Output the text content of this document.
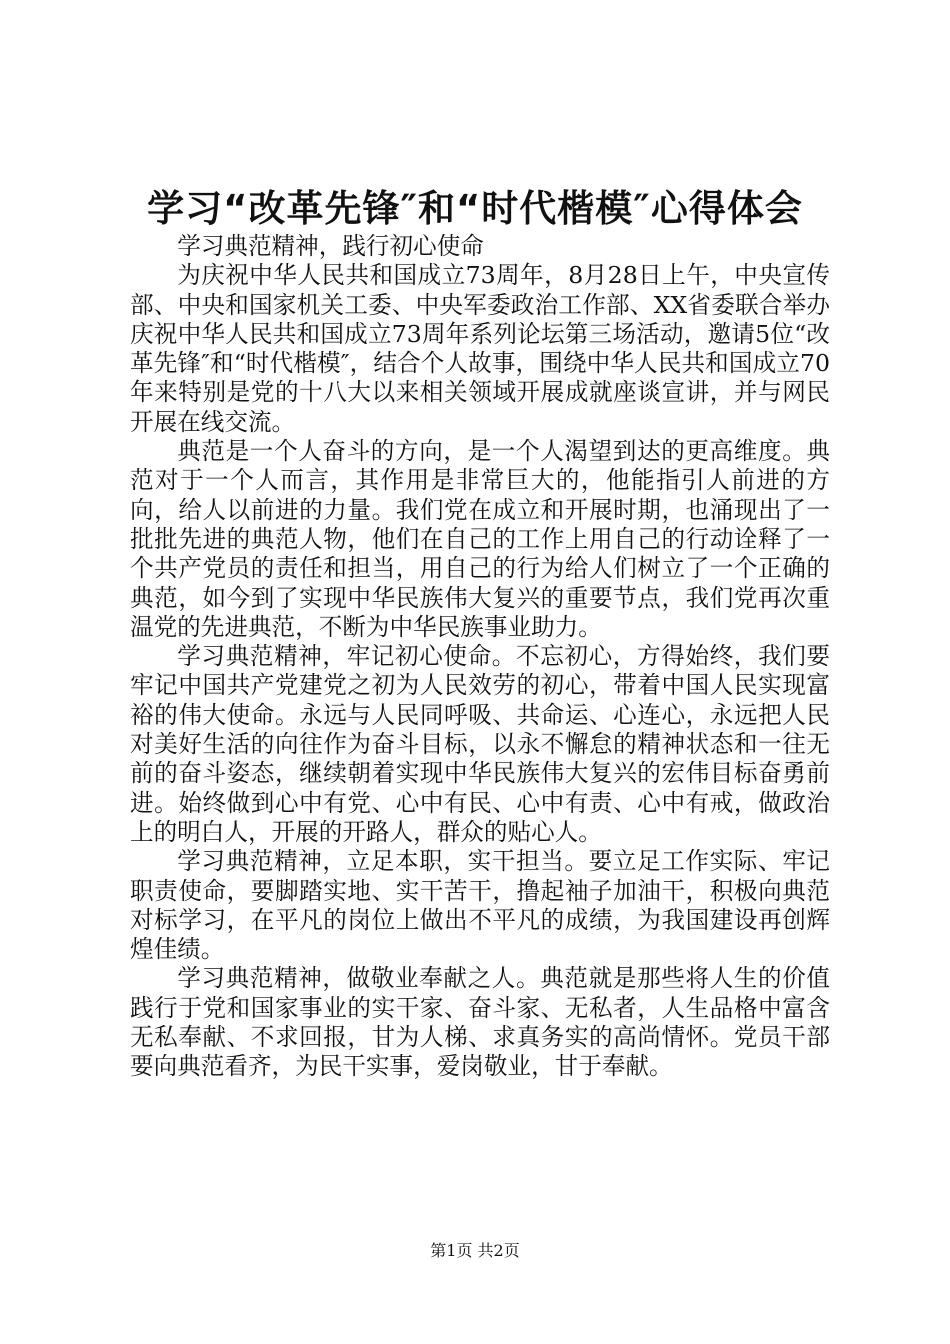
学习“改革先锋″和“时代楷模″心得体会

学习典范精神，践行初心使命

为庆祝中华人民共和国成立73周年，8月28日上午，中央宣传部、中央和国家机关工委、中央军委政治工作部、XX省委联合举办庆祝中华人民共和国成立73周年系列论坛第三场活动，邀请5位“改革先锋″和“时代楷模″，结合个人故事，围绕中华人民共和国成立70年来特别是党的十八大以来相关领域开展成就座谈宣讲，并与网民开展在线交流。

典范是一个人奋斗的方向，是一个人渴望到达的更高维度。典范对于一个人而言，其作用是非常巨大的，他能指引人前进的方向，给人以前进的力量。我们党在成立和开展时期，也涌现出了一批批先进的典范人物，他们在自己的工作上用自己的行动诠释了一个共产党员的责任和担当，用自己的行为给人们树立了一个正确的典范，如今到了实现中华民族伟大复兴的重要节点，我们党再次重温党的先进典范，不断为中华民族事业助力。

学习典范精神，牢记初心使命。不忘初心，方得始终，我们要牢记中国共产党建党之初为人民效劳的初心，带着中国人民实现富裕的伟大使命。永远与人民同呼吸、共命运、心连心，永远把人民对美好生活的向往作为奋斗目标，以永不懈怠的精神状态和一往无前的奋斗姿态，继续朝着实现中华民族伟大复兴的宏伟目标奋勇前进。始终做到心中有党、心中有民、心中有责、心中有戒，做政治上的明白人，开展的开路人，群众的贴心人。

学习典范精神，立足本职，实干担当。要立足工作实际、牢记职责使命，要脚踏实地、实干苦干，撸起袖子加油干，积极向典范对标学习，在平凡的岗位上做出不平凡的成绩，为我国建设再创辉煌佳绩。

学习典范精神，做敬业奉献之人。典范就是那些将人生的价值践行于党和国家事业的实干家、奋斗家、无私者，人生品格中富含无私奉献、不求回报，甘为人梯、求真务实的高尚情怀。党员干部要向典范看齐，为民干实事，爱岗敬业，甘于奉献。

第1页 共2页
